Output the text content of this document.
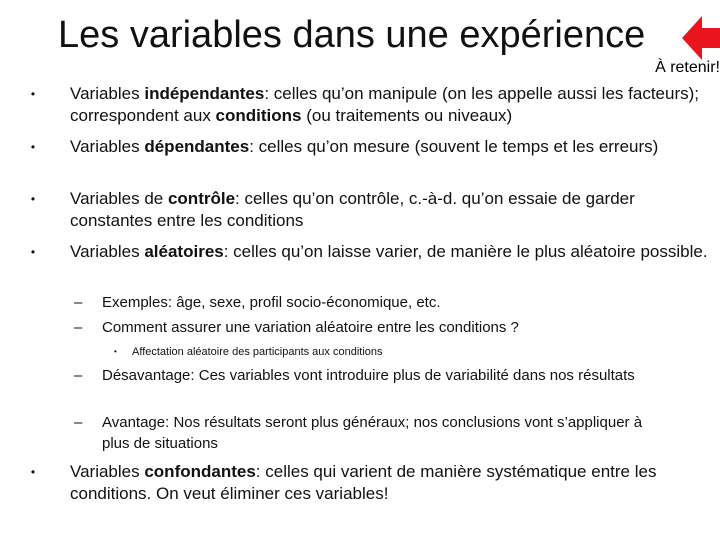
Les variables dans une expérience
À retenir!
• Variables indépendantes: celles qu’on manipule (on les appelle aussi les facteurs); correspondent aux conditions (ou traitements ou niveaux)
• Variables dépendantes: celles qu’on mesure (souvent le temps et les erreurs)
• Variables de contrôle: celles qu’on contrôle, c.-à-d. qu’on essaie de garder constantes entre les conditions
• Variables aléatoires: celles qu’on laisse varier, de manière le plus aléatoire possible.
– Exemples: âge, sexe, profil socio-économique, etc.
– Comment assurer une variation aléatoire entre les conditions ?
• Affectation aléatoire des participants aux conditions
– Désavantage: Ces variables vont introduire plus de variabilité dans nos résultats
– Avantage: Nos résultats seront plus généraux; nos conclusions vont s’appliquer à plus de situations
• Variables confondantes: celles qui varient de manière systématique entre les conditions. On veut éliminer ces variables!
